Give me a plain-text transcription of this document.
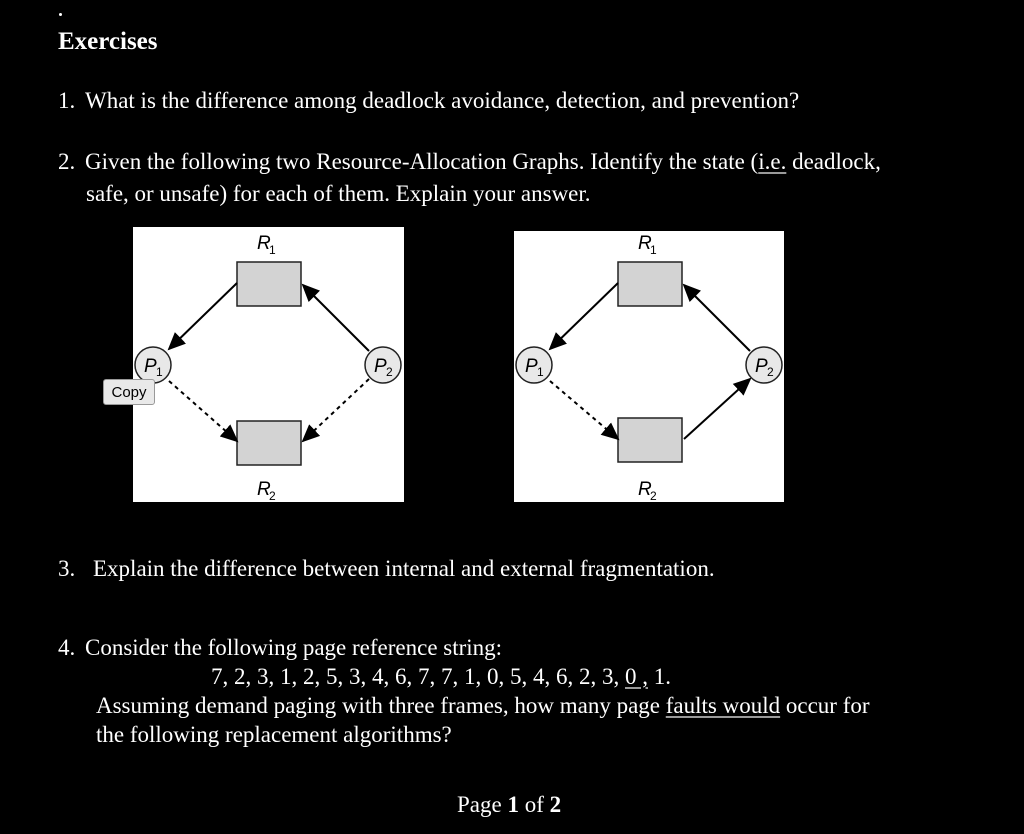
Exercises
1. What is the difference among deadlock avoidance, detection, and prevention?
2. Given the following two Resource-Allocation Graphs. Identify the state (i.e. deadlock,
safe, or unsafe) for each of them. Explain your answer.
R
1
R
2
P 1	P 2
R
1
R
2
P 1	P 2
Copy
3. Explain the difference between internal and external fragmentation.
4. Consider the following page reference string:
7, 2, 3, 1, 2, 5, 3, 4, 6, 7, 7, 1, 0, 5, 4, 6, 2, 3, 0 , 1.
Assuming demand paging with three frames, how many page faults would occur for
the following replacement algorithms?
Page 1 of 2
